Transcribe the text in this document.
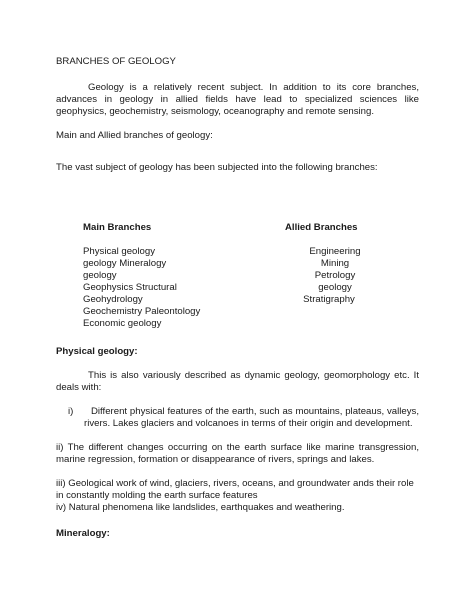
BRANCHES OF GEOLOGY
Geology is a relatively recent subject. In addition to its core branches, advances in geology in allied fields have lead to specialized sciences like geophysics, geochemistry, seismology, oceanography and remote sensing.
Main and Allied branches of geology:
The vast subject of geology has been subjected into the following branches:
Main Branches	Allied Branches
Physical geology
geology Mineralogy
geology
Geophysics Structural
Geohydrology
Geochemistry Paleontology
Economic geology
Engineering
Mining
Petrology
geology
Stratigraphy
Physical geology:
This is also variously described as dynamic geology, geomorphology etc. It deals with:
i)	Different physical features of the earth, such as mountains, plateaus, valleys, rivers. Lakes glaciers and volcanoes in terms of their origin and development.
ii) The different changes occurring on the earth surface like marine transgression, marine regression, formation or disappearance of rivers, springs and lakes.
iii) Geological work of wind, glaciers, rivers, oceans, and groundwater ands their role
in constantly molding the earth surface features
iv) Natural phenomena like landslides, earthquakes and weathering.
Mineralogy:
